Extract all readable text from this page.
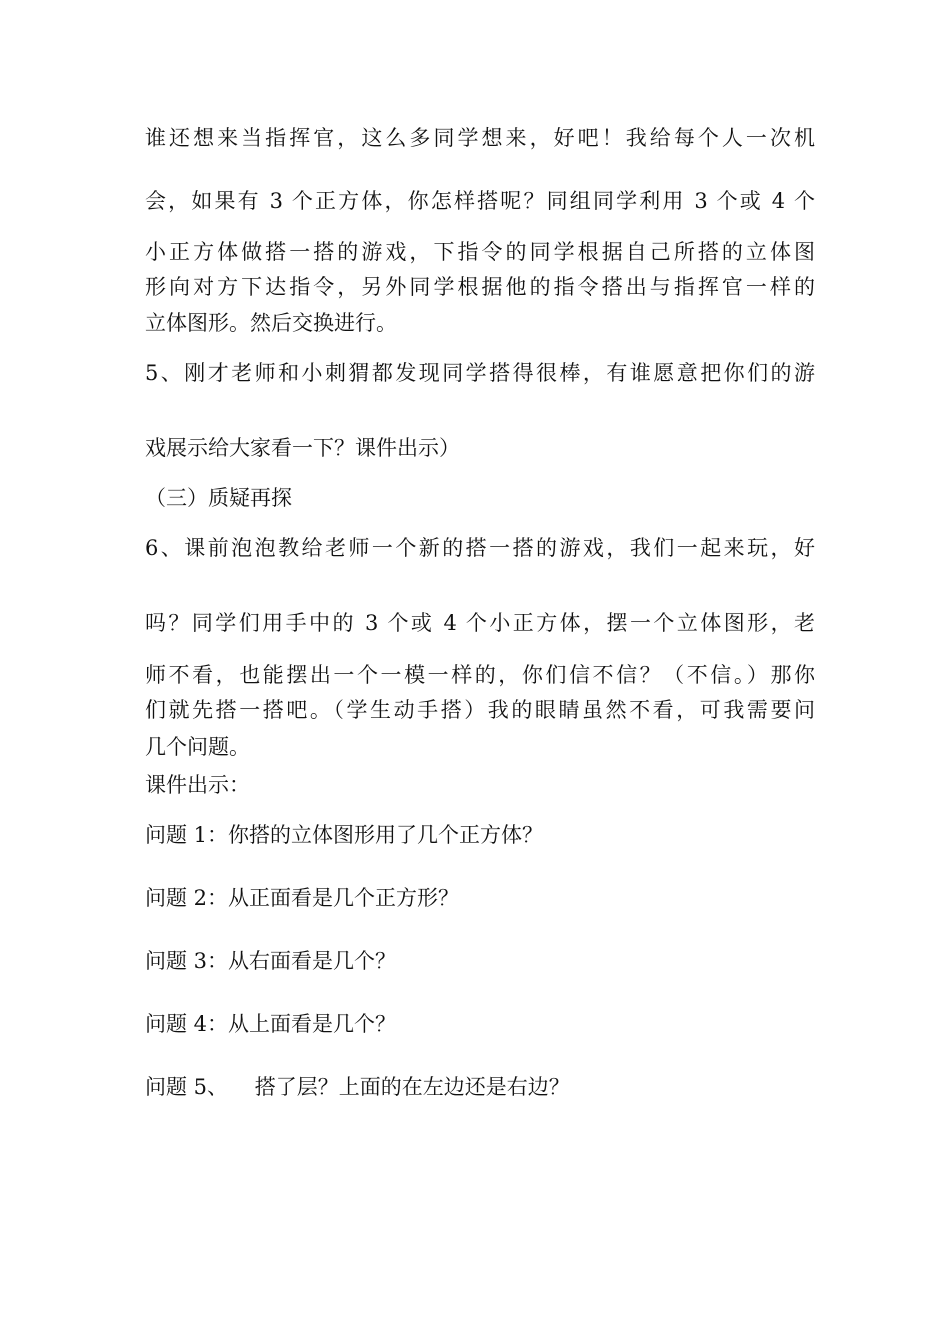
谁还想来当指挥官，这么多同学想来，好吧！我给每个人一次机
会，如果有 3 个正方体，你怎样搭呢？同组同学利用 3 个或 4 个
小正方体做搭一搭的游戏，下指令的同学根据自己所搭的立体图
形向对方下达指令，另外同学根据他的指令搭出与指挥官一样的
立体图形。然后交换进行。
5、刚才老师和小刺猬都发现同学搭得很棒，有谁愿意把你们的游
戏展示给大家看一下？课件出示）
（三）质疑再探
6、课前泡泡教给老师一个新的搭一搭的游戏，我们一起来玩，好
吗？同学们用手中的 3 个或 4 个小正方体，摆一个立体图形，老
师不看，也能摆出一个一模一样的，你们信不信？（不信。）那你
们就先搭一搭吧。（学生动手搭）我的眼睛虽然不看，可我需要问
几个问题。
课件出示：
问题 1：你搭的立体图形用了几个正方体？
问题 2：从正面看是几个正方形？
问题 3：从右面看是几个？
问题 4：从上面看是几个？
问题 5、    搭了层？上面的在左边还是右边？
